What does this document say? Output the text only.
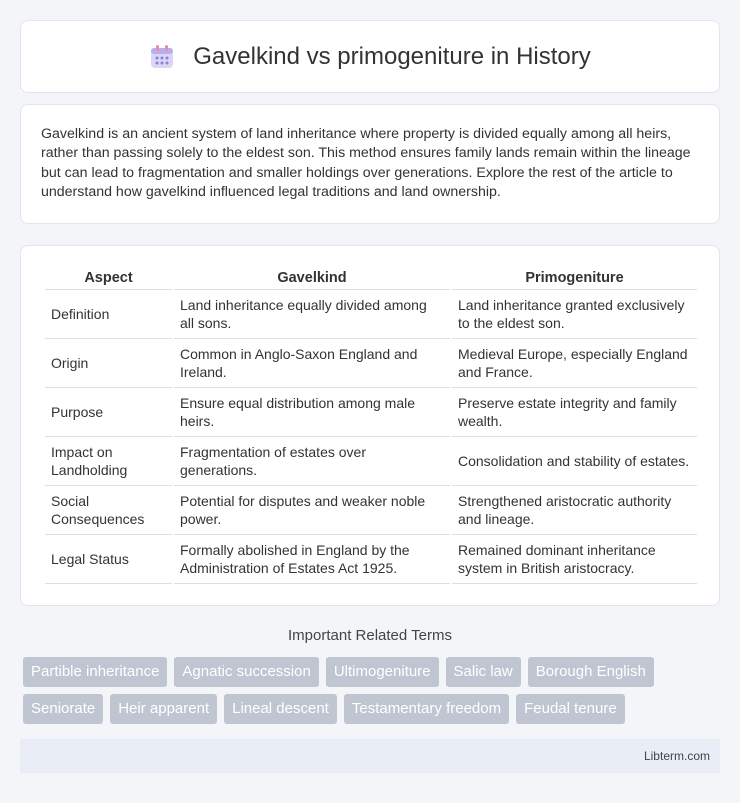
Gavelkind vs primogeniture in History

Gavelkind is an ancient system of land inheritance where property is divided equally among all heirs, rather than passing solely to the eldest son. This method ensures family lands remain within the lineage but can lead to fragmentation and smaller holdings over generations. Explore the rest of the article to understand how gavelkind influenced legal traditions and land ownership.

Aspect	Gavelkind	Primogeniture
Definition	Land inheritance equally divided among all sons.	Land inheritance granted exclusively to the eldest son.
Origin	Common in Anglo-Saxon England and Ireland.	Medieval Europe, especially England and France.
Purpose	Ensure equal distribution among male heirs.	Preserve estate integrity and family wealth.
Impact on Landholding	Fragmentation of estates over generations.	Consolidation and stability of estates.
Social Consequences	Potential for disputes and weaker noble power.	Strengthened aristocratic authority and lineage.
Legal Status	Formally abolished in England by the Administration of Estates Act 1925.	Remained dominant inheritance system in British aristocracy.
Important Related Terms
Partible inheritance	Agnatic succession	Ultimogeniture	Salic law	Borough English
Seniorate	Heir apparent	Lineal descent	Testamentary freedom	Feudal tenure
Libterm.com
